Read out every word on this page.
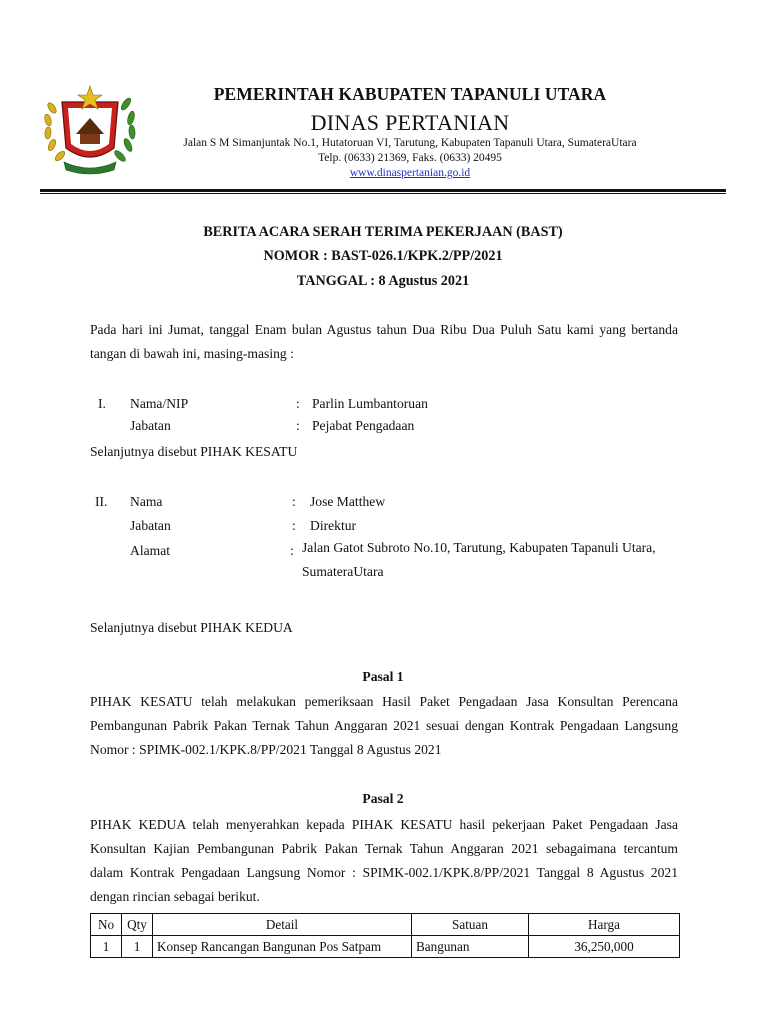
PEMERINTAH KABUPATEN TAPANULI UTARA
DINAS PERTANIAN
Jalan S M Simanjuntak No.1, Hutatoruan VI, Tarutung, Kabupaten Tapanuli Utara, SumateraUtara
Telp. (0633) 21369, Faks. (0633) 20495
www.dinaspertanian.go.id
BERITA ACARA SERAH TERIMA PEKERJAAN (BAST)
NOMOR : BAST-026.1/KPK.2/PP/2021
TANGGAL : 8 Agustus 2021
Pada hari ini Jumat, tanggal Enam bulan Agustus tahun Dua Ribu Dua Puluh Satu kami yang bertanda
tangan di bawah ini, masing-masing :
I. Nama/NIP	: Parlin Lumbantoruan
Jabatan	: Pejabat Pengadaan
Selanjutnya disebut PIHAK KESATU
II. Nama	: Jose Matthew
Jabatan	: Direktur
Alamat	: Jalan Gatot Subroto No.10, Tarutung, Kabupaten Tapanuli Utara,
SumateraUtara
Selanjutnya disebut PIHAK KEDUA
Pasal 1
PIHAK KESATU telah melakukan pemeriksaan Hasil Paket Pengadaan Jasa Konsultan Perencana
Pembangunan Pabrik Pakan Ternak Tahun Anggaran 2021 sesuai dengan Kontrak Pengadaan Langsung
Nomor : SPIMK-002.1/KPK.8/PP/2021 Tanggal 8 Agustus 2021
Pasal 2
PIHAK KEDUA telah menyerahkan kepada PIHAK KESATU hasil pekerjaan Paket Pengadaan Jasa
Konsultan Kajian Pembangunan Pabrik Pakan Ternak Tahun Anggaran 2021 sebagaimana tercantum
dalam Kontrak Pengadaan Langsung Nomor : SPIMK-002.1/KPK.8/PP/2021 Tanggal 8 Agustus 2021
dengan rincian sebagai berikut.
No	Qty	Detail	Satuan	Harga
1	1	Konsep Rancangan Bangunan Pos Satpam	Bangunan	36,250,000
